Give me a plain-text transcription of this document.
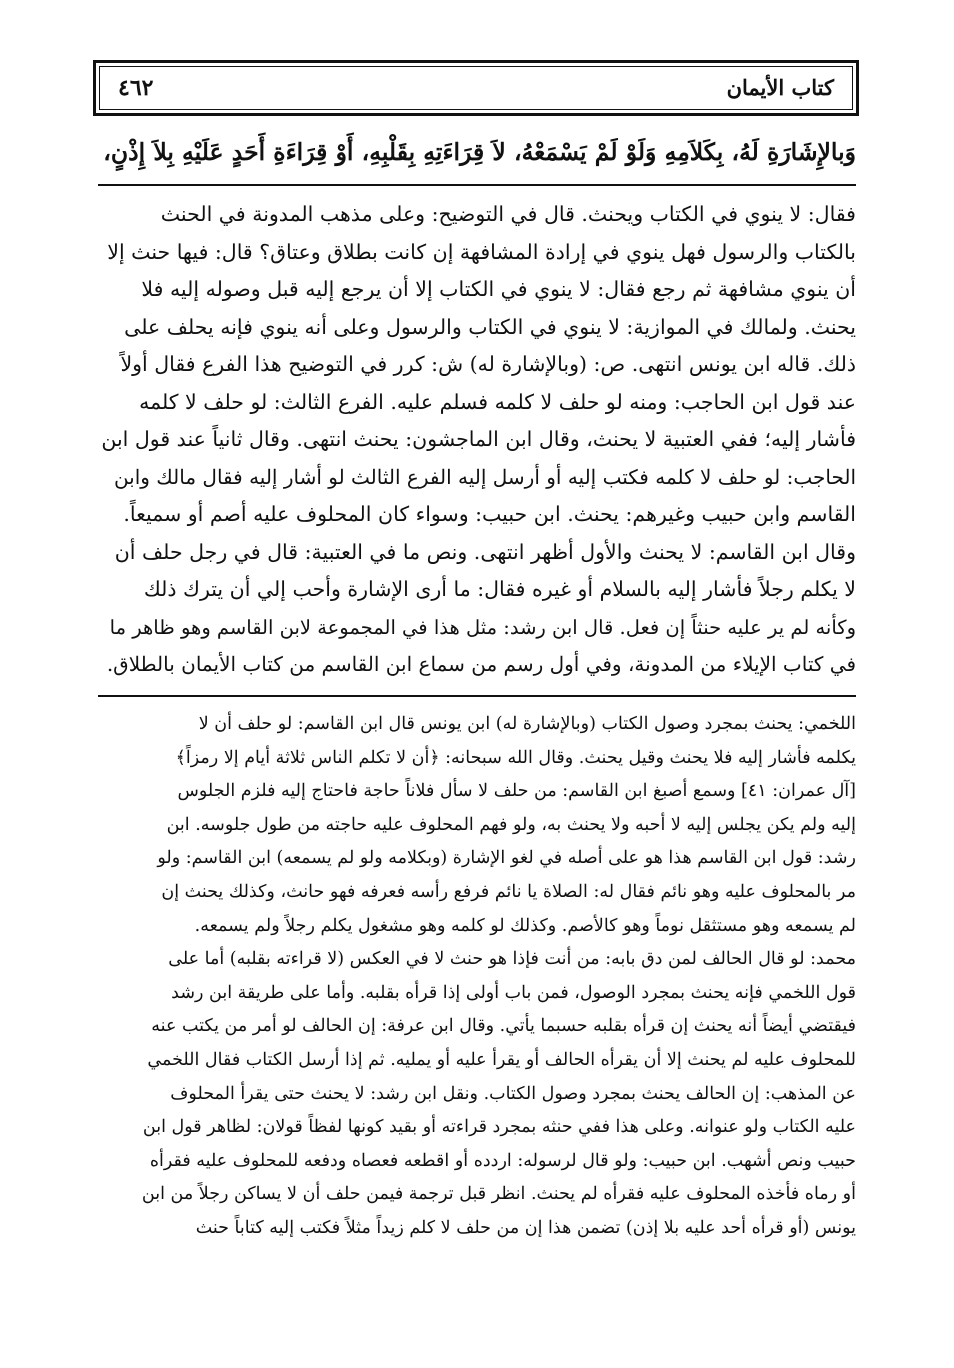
كتاب الأيمان
٤٦٢
وَبالإِشَارَةِ لَهُ، بِكَلاَمِهِ وَلَوْ لَمْ يَسْمَعْهُ، لاَ قِرَاءَتِهِ بِقَلْبِهِ، أَوْ قِرَاءَةِ أَحَدٍ عَلَيْهِ بِلاَ إِذْنٍ،

فقال: لا ينوي في الكتاب ويحنث. قال في التوضيح: وعلى مذهب المدونة في الحنث

بالكتاب والرسول فهل ينوي في إرادة المشافهة إن كانت بطلاق وعتاق؟ قال: فيها حنث إلا

أن ينوي مشافهة ثم رجع فقال: لا ينوي في الكتاب إلا أن يرجع إليه قبل وصوله إليه فلا

يحنث. ولمالك في الموازية: لا ينوي في الكتاب والرسول وعلى أنه ينوي فإنه يحلف على

ذلك. قاله ابن يونس انتهى. ص: (وبالإشارة له) ش: كرر في التوضيح هذا الفرع فقال أولاً

عند قول ابن الحاجب: ومنه لو حلف لا كلمه فسلم عليه. الفرع الثالث: لو حلف لا كلمه

فأشار إليه؛ ففي العتبية لا يحنث، وقال ابن الماجشون: يحنث انتهى. وقال ثانياً عند قول ابن

الحاجب: لو حلف لا كلمه فكتب إليه أو أرسل إليه الفرع الثالث لو أشار إليه فقال مالك وابن

القاسم وابن حبيب وغيرهم: يحنث. ابن حبيب: وسواء كان المحلوف عليه أصم أو سميعاً.

وقال ابن القاسم: لا يحنث والأول أظهر انتهى. ونص ما في العتبية: قال في رجل حلف أن

لا يكلم رجلاً فأشار إليه بالسلام أو غيره فقال: ما أرى الإشارة وأحب إلي أن يترك ذلك

وكأنه لم ير عليه حنثاً إن فعل. قال ابن رشد: مثل هذا في المجموعة لابن القاسم وهو ظاهر ما

في كتاب الإيلاء من المدونة، وفي أول رسم من سماع ابن القاسم من كتاب الأيمان بالطلاق.

اللخمي: يحنث بمجرد وصول الكتاب (وبالإشارة له) ابن يونس قال ابن القاسم: لو حلف أن لا

يكلمه فأشار إليه فلا يحنث وقيل يحنث. وقال الله سبحانه: ﴿أن لا تكلم الناس ثلاثة أيام إلا رمزاً﴾

[آل عمران: ٤١] وسمع أصبغ ابن القاسم: من حلف لا سأل فلاناً حاجة فاحتاج إليه فلزم الجلوس

إليه ولم يكن يجلس إليه لا أحبه ولا يحنث به، ولو فهم المحلوف عليه حاجته من طول جلوسه. ابن

رشد: قول ابن القاسم هذا هو على أصله في لغو الإشارة (وبكلامه ولو لم يسمعه) ابن القاسم: ولو

مر بالمحلوف عليه وهو نائم فقال له: الصلاة يا نائم فرفع رأسه فعرفه فهو حانث، وكذلك يحنث إن

لم يسمعه وهو مستثقل نوماً وهو كالأصم. وكذلك لو كلمه وهو مشغول يكلم رجلاً ولم يسمعه.

محمد: لو قال الحالف لمن دق بابه: من أنت فإذا هو حنث لا في العكس (لا قراءته بقلبه) أما على

قول اللخمي فإنه يحنث بمجرد الوصول، فمن باب أولى إذا قرأه بقلبه. وأما على طريقة ابن رشد

فيقتضي أيضاً أنه يحنث إن قرأه بقلبه حسبما يأتي. وقال ابن عرفة: إن الحالف لو أمر من يكتب عنه

للمحلوف عليه لم يحنث إلا أن يقرأه الحالف أو يقرأ عليه أو يمليه. ثم إذا أرسل الكتاب فقال اللخمي

عن المذهب: إن الحالف يحنث بمجرد وصول الكتاب. ونقل ابن رشد: لا يحنث حتى يقرأ المحلوف

عليه الكتاب ولو عنوانه. وعلى هذا ففي حنثه بمجرد قراءته أو بقيد كونها لفظاً قولان: لظاهر قول ابن

حبيب ونص أشهب. ابن حبيب: ولو قال لرسوله: اردده أو اقطعه فعصاه ودفعه للمحلوف عليه فقرأه

أو رماه فأخذه المحلوف عليه فقرأه لم يحنث. انظر قبل ترجمة فيمن حلف أن لا يساكن رجلاً من ابن

يونس (أو قرأه أحد عليه بلا إذن) تضمن هذا إن من حلف لا كلم زيداً مثلاً فكتب إليه كتاباً حنث
